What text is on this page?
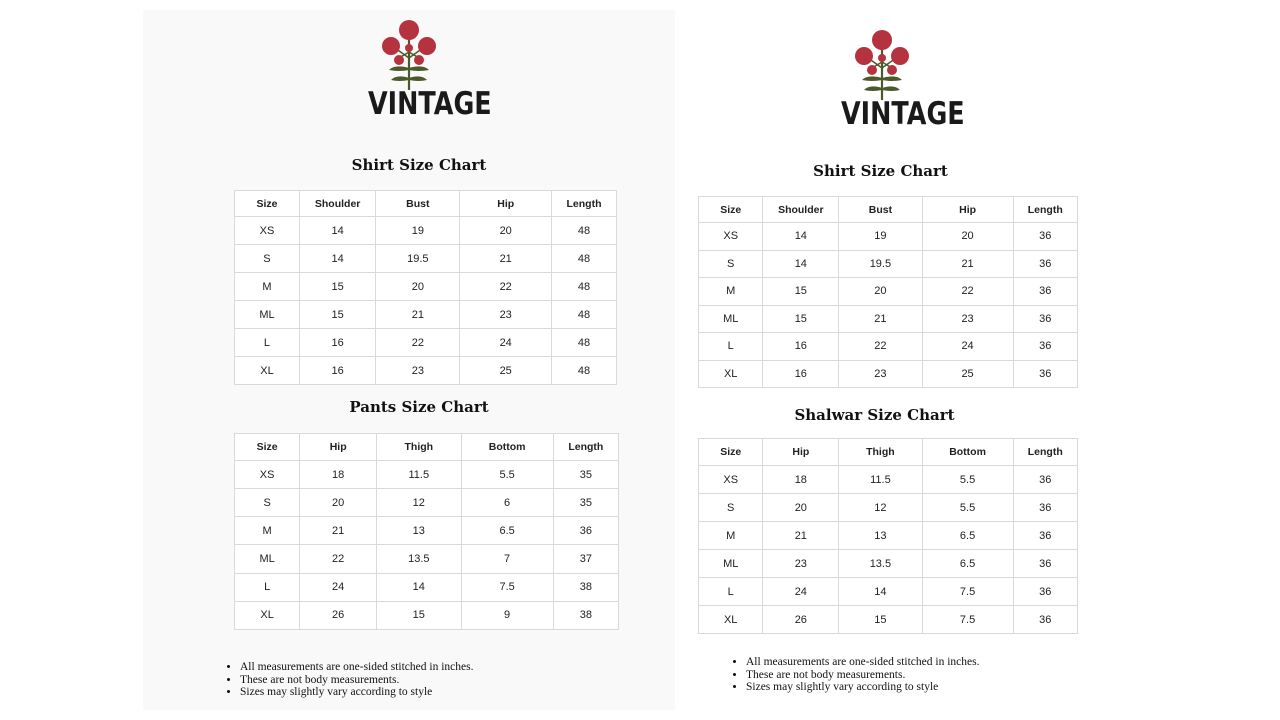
VINTAGE
Shirt Size Chart
Size	Shoulder	Bust	Hip	Length
XS	14	19	20	48
S	14	19.5	21	48
M	15	20	22	48
ML	15	21	23	48
L	16	22	24	48
XL	16	23	25	48
Pants Size Chart
Size	Hip	Thigh	Bottom	Length
XS	18	11.5	5.5	35
S	20	12	6	35
M	21	13	6.5	36
ML	22	13.5	7	37
L	24	14	7.5	38
XL	26	15	9	38
• All measurements are one-sided stitched in inches.
• These are not body measurements.
• Sizes may slightly vary according to style
VINTAGE
Shirt Size Chart
Size	Shoulder	Bust	Hip	Length
XS	14	19	20	36
S	14	19.5	21	36
M	15	20	22	36
ML	15	21	23	36
L	16	22	24	36
XL	16	23	25	36
Shalwar Size Chart
Size	Hip	Thigh	Bottom	Length
XS	18	11.5	5.5	36
S	20	12	5.5	36
M	21	13	6.5	36
ML	23	13.5	6.5	36
L	24	14	7.5	36
XL	26	15	7.5	36
• All measurements are one-sided stitched in inches.
• These are not body measurements.
• Sizes may slightly vary according to style
